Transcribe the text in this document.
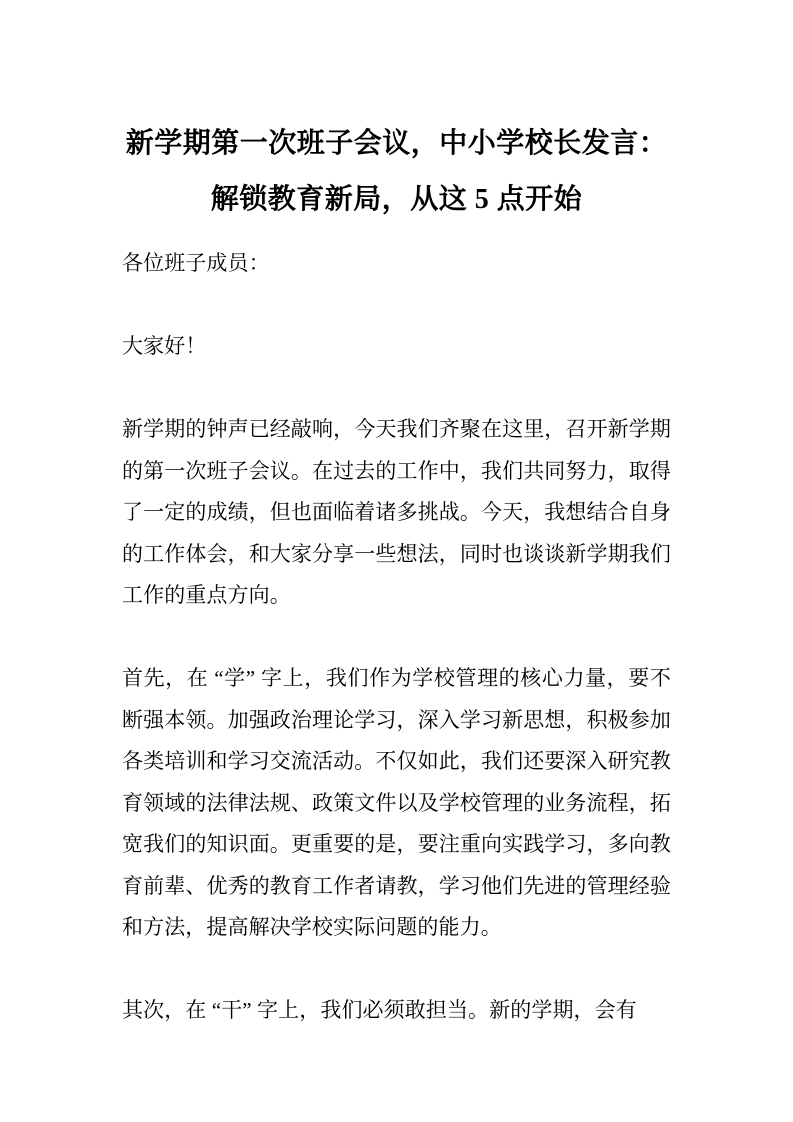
新学期第一次班子会议，中小学校长发言：
解锁教育新局，从这 5 点开始

各位班子成员：

大家好！

新学期的钟声已经敲响，今天我们齐聚在这里，召开新学期的第一次班子会议。在过去的工作中，我们共同努力，取得了一定的成绩，但也面临着诸多挑战。今天，我想结合自身的工作体会，和大家分享一些想法，同时也谈谈新学期我们工作的重点方向。

首先，在 “学” 字上，我们作为学校管理的核心力量，要不断强本领。加强政治理论学习，深入学习新思想，积极参加各类培训和学习交流活动。不仅如此，我们还要深入研究教育领域的法律法规、政策文件以及学校管理的业务流程，拓宽我们的知识面。更重要的是，要注重向实践学习，多向教育前辈、优秀的教育工作者请教，学习他们先进的管理经验和方法，提高解决学校实际问题的能力。

其次，在 “干” 字上，我们必须敢担当。新的学期，会有
